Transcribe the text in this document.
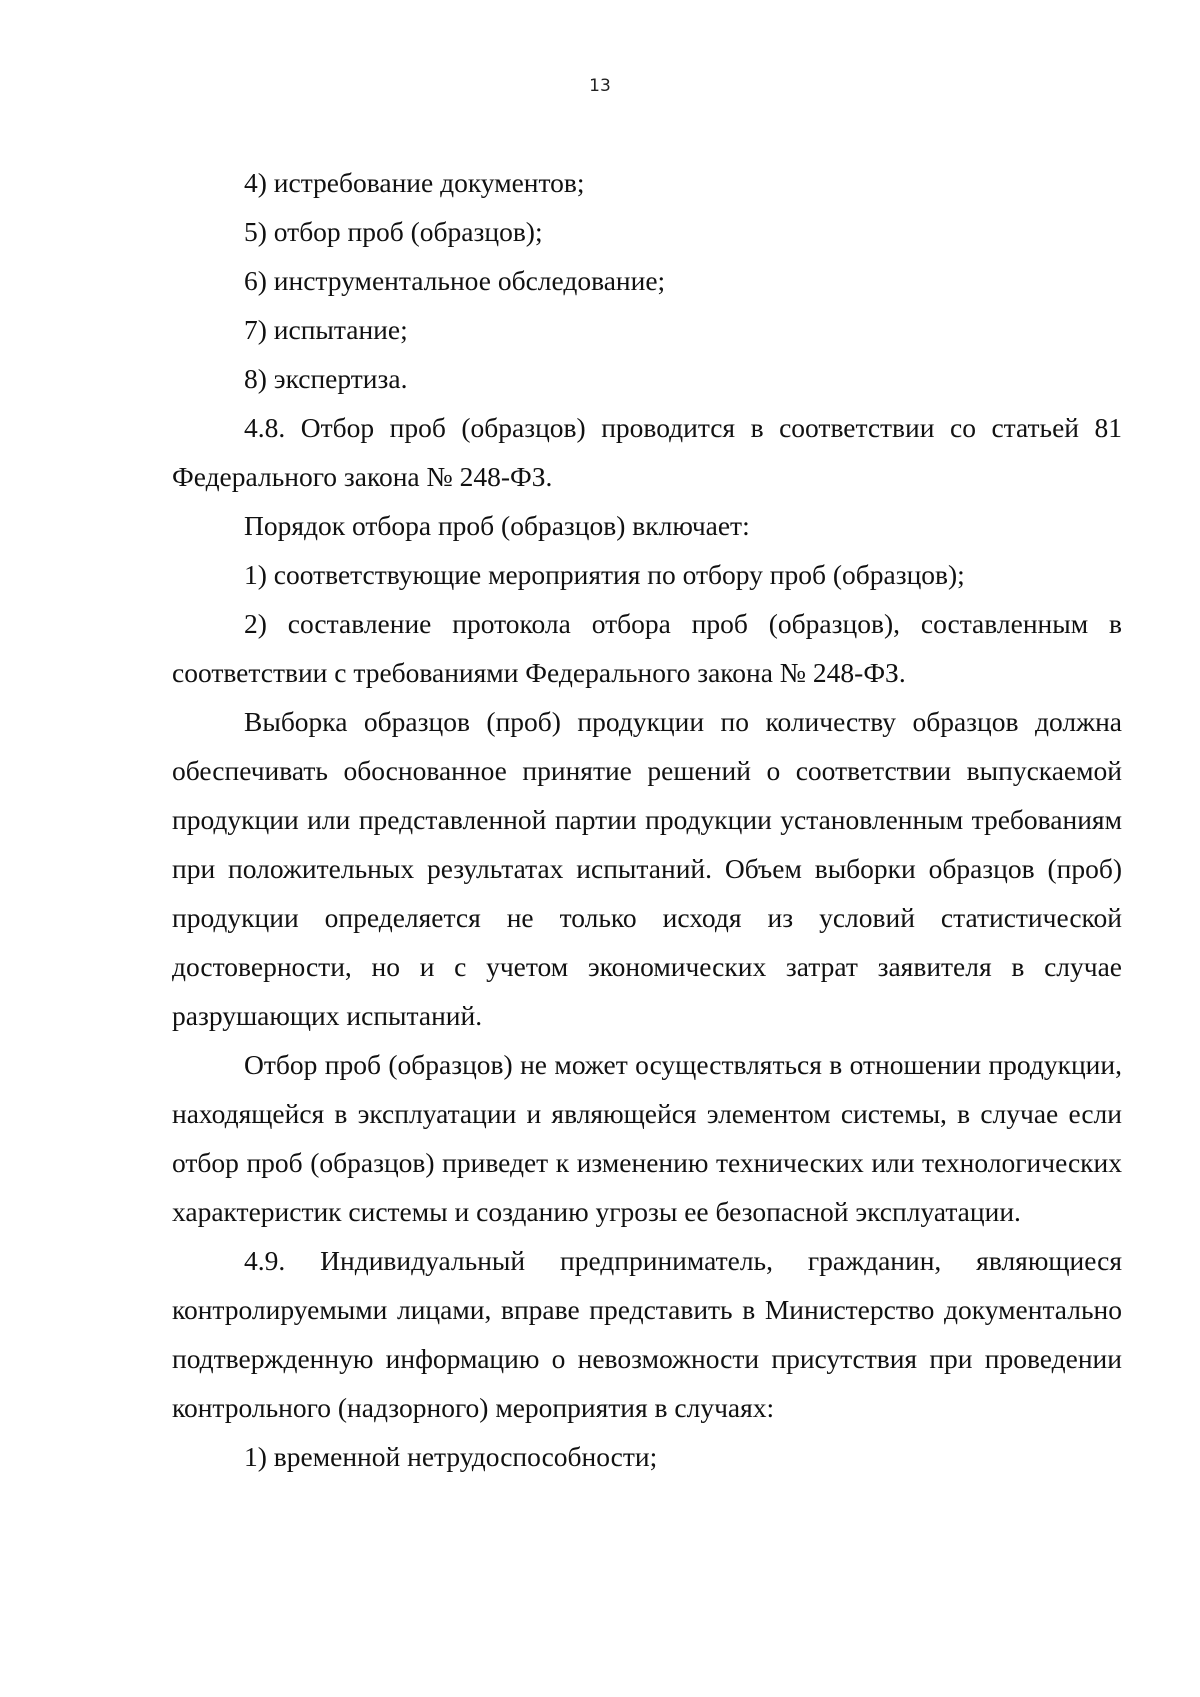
13

4) истребование документов;

5) отбор проб (образцов);

6) инструментальное обследование;

7) испытание;

8) экспертиза.

4.8. Отбор проб (образцов) проводится в соответствии со статьей 81 Федерального закона № 248-ФЗ.

Порядок отбора проб (образцов) включает:

1) соответствующие мероприятия по отбору проб (образцов);

2) составление протокола отбора проб (образцов), составленным в соответствии с требованиями Федерального закона № 248-ФЗ.

Выборка образцов (проб) продукции по количеству образцов должна обеспечивать обоснованное принятие решений о соответствии выпускаемой продукции или представленной партии продукции установленным требованиям при положительных результатах испытаний. Объем выборки образцов (проб) продукции определяется не только исходя из условий статистической достоверности, но и с учетом экономических затрат заявителя в случае разрушающих испытаний.

Отбор проб (образцов) не может осуществляться в отношении продукции, находящейся в эксплуатации и являющейся элементом системы, в случае если отбор проб (образцов) приведет к изменению технических или технологических характеристик системы и созданию угрозы ее безопасной эксплуатации.

4.9. Индивидуальный предприниматель, гражданин, являющиеся контролируемыми лицами, вправе представить в Министерство документально подтвержденную информацию о невозможности присутствия при проведении контрольного (надзорного) мероприятия в случаях:

1) временной нетрудоспособности;
